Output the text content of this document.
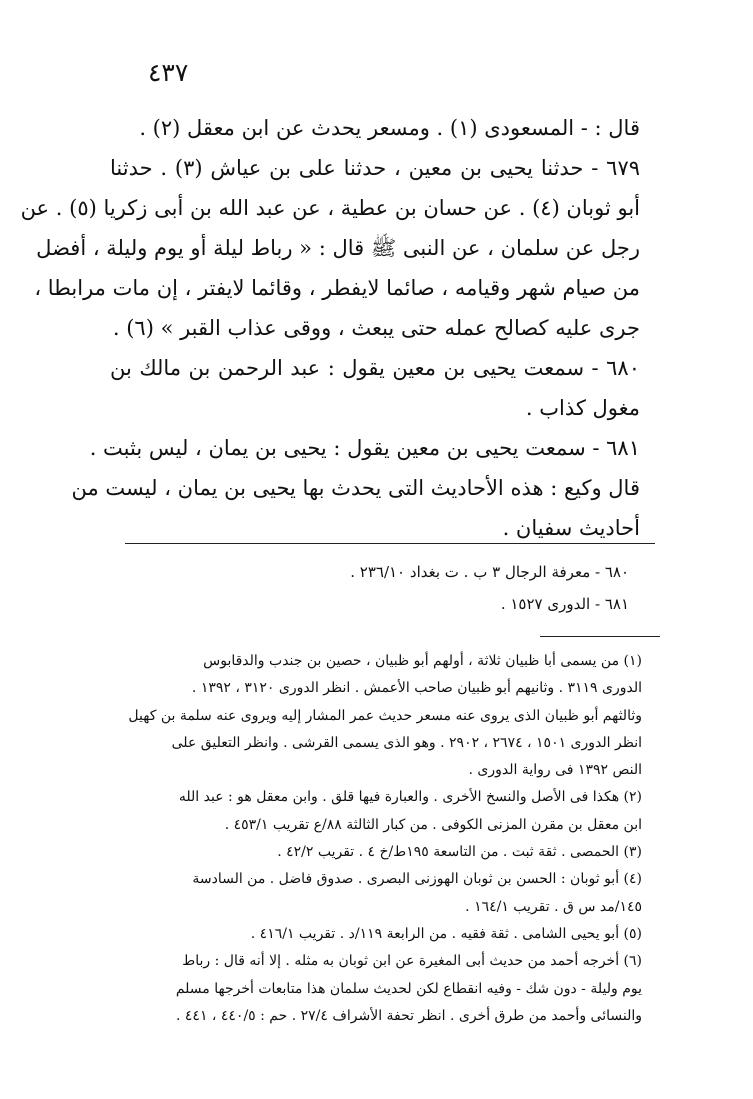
٤٣٧
قال : - المسعودى (١) . ومسعر يحدث عن ابن معقل (٢) .
٦٧٩ - حدثنا يحيى بن معين ، حدثنا على بن عياش (٣) . حدثنا
أبو ثوبان (٤) . عن حسان بن عطية ، عن عبد الله بن أبى زكريا (٥) . عن
رجل عن سلمان ، عن النبى ﷺ قال : « رباط ليلة أو يوم وليلة ، أفضل
من صيام شهر وقيامه ، صائما لايفطر ، وقائما لايفتر ، إن مات مرابطا ،
جرى عليه كصالح عمله حتى يبعث ، ووقى عذاب القبر » (٦) .
٦٨٠ - سمعت يحيى بن معين يقول : عبد الرحمن بن مالك بن
مغول كذاب .
٦٨١ - سمعت يحيى بن معين يقول : يحيى بن يمان ، ليس بثبت .
قال وكيع : هذه الأحاديث التى يحدث بها يحيى بن يمان ، ليست من
أحاديث سفيان .
٦٨٠ - معرفة الرجال ٣ ب . ت بغداد ٢٣٦/١٠ .
٦٨١ - الدورى ١٥٢٧ .
(١) من يسمى أبا ظبيان ثلاثة ، أولهم أبو ظبيان ، حصين بن جندب والدقابوس
الدورى ٣١١٩ . وثانيهم أبو ظبيان صاحب الأعمش . انظر الدورى ٣١٢٠ ، ١٣٩٢ .
وثالثهم أبو ظبيان الذى يروى عنه مسعر حديث عمر المشار إليه ويروى عنه سلمة بن كهيل
انظر الدورى ١٥٠١ ، ٢٦٧٤ ، ٢٩٠٢ . وهو الذى يسمى القرشى . وانظر التعليق على
النص ١٣٩٢ فى رواية الدورى .
(٢) هكذا فى الأصل والنسخ الأخرى . والعبارة فيها قلق . وابن معقل هو : عبد الله
ابن معقل بن مقرن المزنى الكوفى . من كبار الثالثة ٨٨/ع تقريب ٤٥٣/١ .
(٣) الحمصى . ثقة ثبت . من التاسعة ١٩٥ط/خ ٤ . تقريب ٤٢/٢ .
(٤) أبو ثوبان : الحسن بن ثوبان الهوزنى البصرى . صدوق فاضل . من السادسة
١٤٥/مد س ق . تقريب ١٦٤/١ .
(٥) أبو يحيى الشامى . ثقة فقيه . من الرابعة ١١٩/د . تقريب ٤١٦/١ .
(٦) أخرجه أحمد من حديث أبى المغيرة عن ابن ثوبان به مثله . إلا أنه قال : رباط
يوم وليلة - دون شك - وفيه انقطاع لكن لحديث سلمان هذا متابعات أخرجها مسلم
والنسائى وأحمد من طرق أخرى . انظر تحفة الأشراف ٢٧/٤ . حم : ٤٤٠/٥ ، ٤٤١ .
